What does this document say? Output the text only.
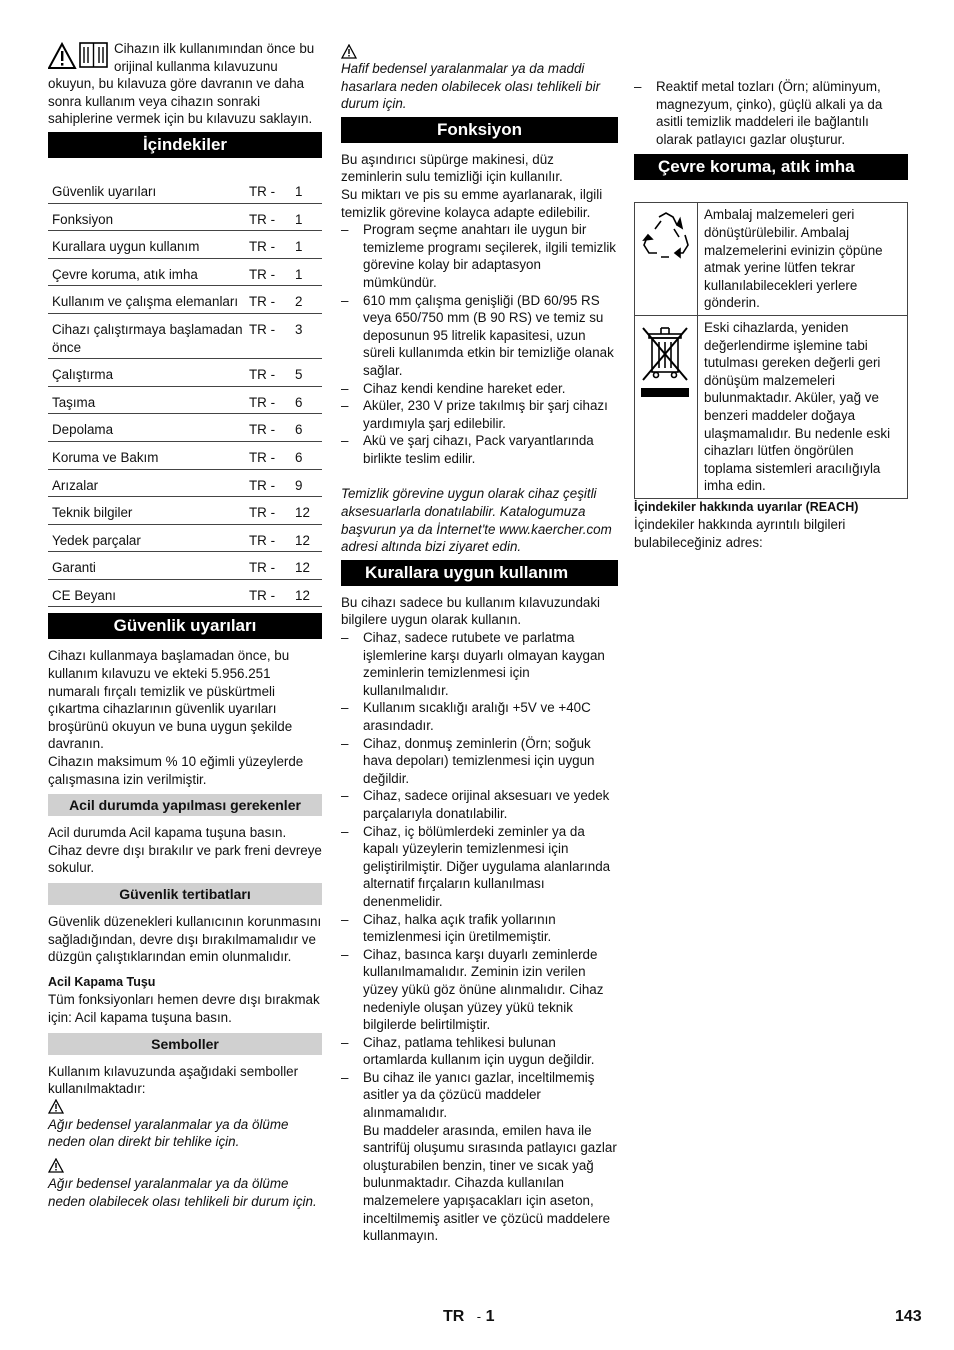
Cihazın ilk kullanımından önce bu orijinal kullanma kılavuzunu okuyun, bu kılavuza göre davranın ve daha sonra kullanım veya cihazın sonraki sahiplerine vermek için bu kılavuzu saklayın.

İçindekiler
Güvenlik uyarıları	TR -	1
Fonksiyon	TR -	1
Kurallara uygun kullanım	TR -	1
Çevre koruma, atık imha	TR -	1
Kullanım ve çalışma elemanları	TR -	2
Cihazı çalıştırmaya başlamadan önce	TR -	3
Çalıştırma	TR -	5
Taşıma	TR -	6
Depolama	TR -	6
Koruma ve Bakım	TR -	6
Arızalar	TR -	9
Teknik bilgiler	TR -	12
Yedek parçalar	TR -	12
Garanti	TR -	12
CE Beyanı	TR -	12
Güvenlik uyarıları

Cihazı kullanmaya başlamadan önce, bu kullanım kılavuzu ve ekteki 5.956.251 numaralı fırçalı temizlik ve püskürtmeli çıkartma cihazlarının güvenlik uyarıları broşürünü okuyun ve buna uygun şekilde davranın.

Cihazın maksimum % 10 eğimli yüzeylerde çalışmasına izin verilmiştir.

Acil durumda yapılması gerekenler

Acil durumda Acil kapama tuşuna basın. Cihaz devre dışı bırakılır ve park freni devreye sokulur.

Güvenlik tertibatları

Güvenlik düzenekleri kullanıcının korunmasını sağladığından, devre dışı bırakılmamalıdır ve düzgün çalıştıklarından emin olunmalıdır.

Acil Kapama Tuşu

Tüm fonksiyonları hemen devre dışı bırakmak için: Acil kapama tuşuna basın.

Semboller

Kullanım kılavuzunda aşağıdaki semboller kullanılmaktadır:

Ağır bedensel yaralanmalar ya da ölüme neden olan direkt bir tehlike için.

Ağır bedensel yaralanmalar ya da ölüme neden olabilecek olası tehlikeli bir durum için.

Hafif bedensel yaralanmalar ya da maddi hasarlara neden olabilecek olası tehlikeli bir durum için.

Fonksiyon

Bu aşındırıcı süpürge makinesi, düz zeminlerin sulu temizliği için kullanılır.

Su miktarı ve pis su emme ayarlanarak, ilgili temizlik görevine kolayca adapte edilebilir.

– Program seçme anahtarı ile uygun bir temizleme programı seçilerek, ilgili temizlik görevine kolay bir adaptasyon mümkündür.
– 610 mm çalışma genişliği (BD 60/95 RS veya 650/750 mm (B 90 RS) ve temiz su deposunun 95 litrelik kapasitesi, uzun süreli kullanımda etkin bir temizliğe olanak sağlar.
– Cihaz kendi kendine hareket eder.
– Aküler, 230 V prize takılmış bir şarj cihazı yardımıyla şarj edilebilir.
– Akü ve şarj cihazı, Pack varyantlarında birlikte teslim edilir.

Temizlik görevine uygun olarak cihaz çeşitli aksesuarlarla donatılabilir. Katalogumuza başvurun ya da İnternet'te www.kaercher.com adresi altında bizi ziyaret edin.

Kurallara uygun kullanım

Bu cihazı sadece bu kullanım kılavuzundaki bilgilere uygun olarak kullanın.

– Cihaz, sadece rutubete ve parlatma işlemlerine karşı duyarlı olmayan kaygan zeminlerin temizlenmesi için kullanılmalıdır.
– Kullanım sıcaklığı aralığı +5V ve +40C arasındadır.
– Cihaz, donmuş zeminlerin (Örn; soğuk hava depoları) temizlenmesi için uygun değildir.
– Cihaz, sadece orijinal aksesuarı ve yedek parçalarıyla donatılabilir.
– Cihaz, iç bölümlerdeki zeminler ya da kapalı yüzeylerin temizlenmesi için geliştirilmiştir. Diğer uygulama alanlarında alternatif fırçaların kullanılması denenmelidir.
– Cihaz, halka açık trafik yollarının temizlenmesi için üretilmemiştir.
– Cihaz, basınca karşı duyarlı zeminlerde kullanılmamalıdır. Zeminin izin verilen yüzey yükü göz önüne alınmalıdır. Cihaz nedeniyle oluşan yüzey yükü teknik bilgilerde belirtilmiştir.
– Cihaz, patlama tehlikesi bulunan ortamlarda kullanım için uygun değildir.
– Bu cihaz ile yanıcı gazlar, inceltilmemiş asitler ya da çözücü maddeler alınmamalıdır.
Bu maddeler arasında, emilen hava ile santrifüj oluşumu sırasında patlayıcı gazlar oluşturabilen benzin, tiner ve sıcak yağ bulunmaktadır. Cihazda kullanılan malzemelere yapışacakları için aseton, inceltilmemiş asitler ve çözücü maddelere kullanmayın.
– Reaktif metal tozları (Örn; alüminyum, magnezyum, çinko), güçlü alkali ya da asitli temizlik maddeleri ile bağlantılı olarak patlayıcı gazlar oluşturur.
Çevre koruma, atık imha
	Ambalaj malzemeleri geri dönüştürülebilir. Ambalaj malzemelerini evinizin çöpüne atmak yerine lütfen tekrar kullanılabilecekleri yerlere gönderin.
	Eski cihazlarda, yeniden değerlendirme işlemine tabi tutulması gereken değerli geri dönüşüm malzemeleri bulunmaktadır. Aküler, yağ ve benzeri maddeler doğaya ulaşmamalıdır. Bu nedenle eski cihazları lütfen öngörülen toplama sistemleri aracılığıyla imha edin.

İçindekiler hakkında uyarılar (REACH)

İçindekiler hakkında ayrıntılı bilgileri bulabileceğiniz adres:

TR - 1	143
